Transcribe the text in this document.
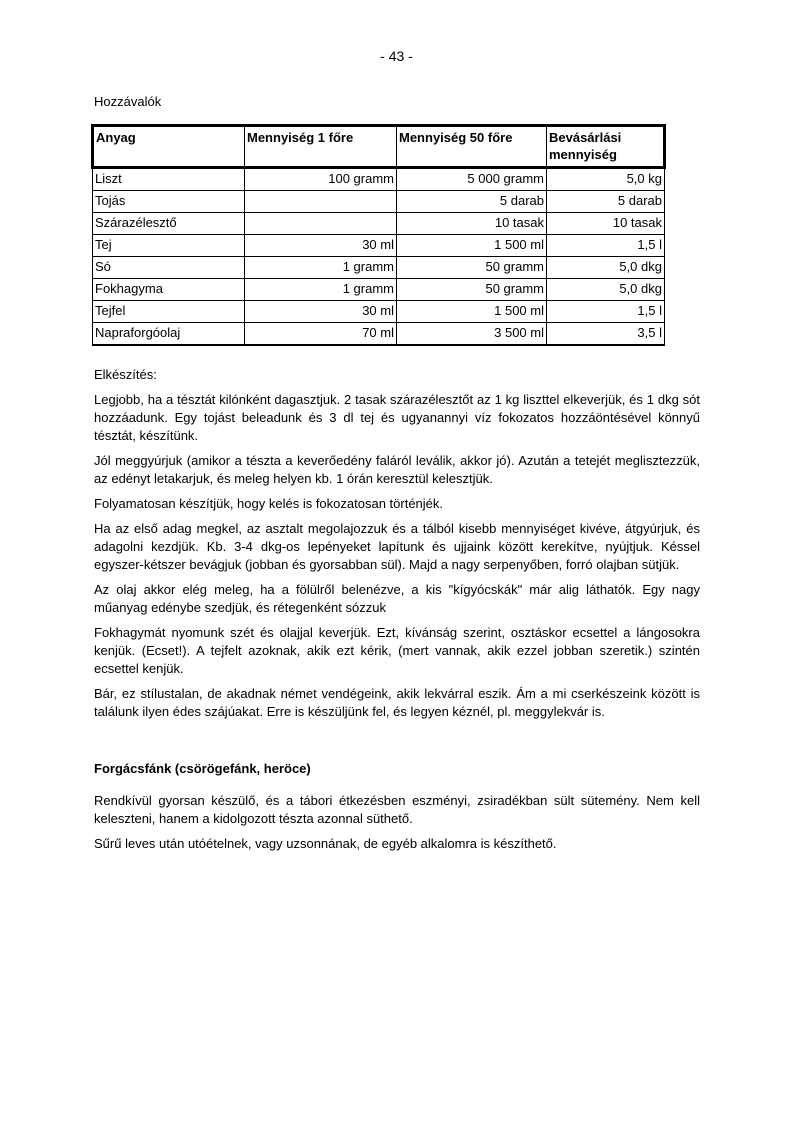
- 43 -
Hozzávalók
Anyag	Mennyiség 1 főre	Mennyiség 50 főre	Bevásárlási mennyiség
Liszt	100 gramm	5 000 gramm	5,0 kg
Tojás		5 darab	5 darab
Szárazélesztő		10 tasak	10 tasak
Tej	30 ml	1 500 ml	1,5 l
Só	1 gramm	50 gramm	5,0 dkg
Fokhagyma	1 gramm	50 gramm	5,0 dkg
Tejfel	30 ml	1 500 ml	1,5 l
Napraforgóolaj	70 ml	3 500 ml	3,5 l

Elkészítés:

Legjobb, ha a tésztát kilónként dagasztjuk. 2 tasak szárazélesztőt az 1 kg liszttel elkeverjük, és 1 dkg sót hozzáadunk. Egy tojást beleadunk és 3 dl tej és ugyanannyi víz fokozatos hozzáöntésével könnyű tésztát, készítünk.

Jól meggyúrjuk (amikor a tészta a keverőedény faláról leválik, akkor jó). Azután a tetejét meglisztezzük, az edényt letakarjuk, és meleg helyen kb. 1 órán keresztül kelesztjük.

Folyamatosan készítjük, hogy kelés is fokozatosan történjék.

Ha az első adag megkel, az asztalt megolajozzuk és a tálból kisebb mennyiséget kivéve, átgyúrjuk, és adagolni kezdjük. Kb. 3-4 dkg-os lepényeket lapítunk és ujjaink között kerekítve, nyújtjuk. Késsel egyszer-kétszer bevágjuk (jobban és gyorsabban sül). Majd a nagy serpenyőben, forró olajban sütjük.

Az olaj akkor elég meleg, ha a fölülről belenézve, a kis "kígyócskák" már alig láthatók. Egy nagy műanyag edénybe szedjük, és rétegenként sózzuk

Fokhagymát nyomunk szét és olajjal keverjük. Ezt, kívánság szerint, osztáskor ecsettel a lángosokra kenjük. (Ecset!). A tejfelt azoknak, akik ezt kérik, (mert vannak, akik ezzel jobban szeretik.) szintén ecsettel kenjük.

Bár, ez stílustalan, de akadnak német vendégeink, akik lekvárral eszik. Ám a mi cserkészeink között is találunk ilyen édes szájúakat. Erre is készüljünk fel, és legyen kéznél, pl. meggylekvár is.

Forgácsfánk (csörögefánk, heröce)

Rendkívül gyorsan készülő, és a tábori étkezésben eszményi, zsiradékban sült sütemény. Nem kell keleszteni, hanem a kidolgozott tészta azonnal süthető.

Sűrű leves után utóételnek, vagy uzsonnának, de egyéb alkalomra is készíthető.
